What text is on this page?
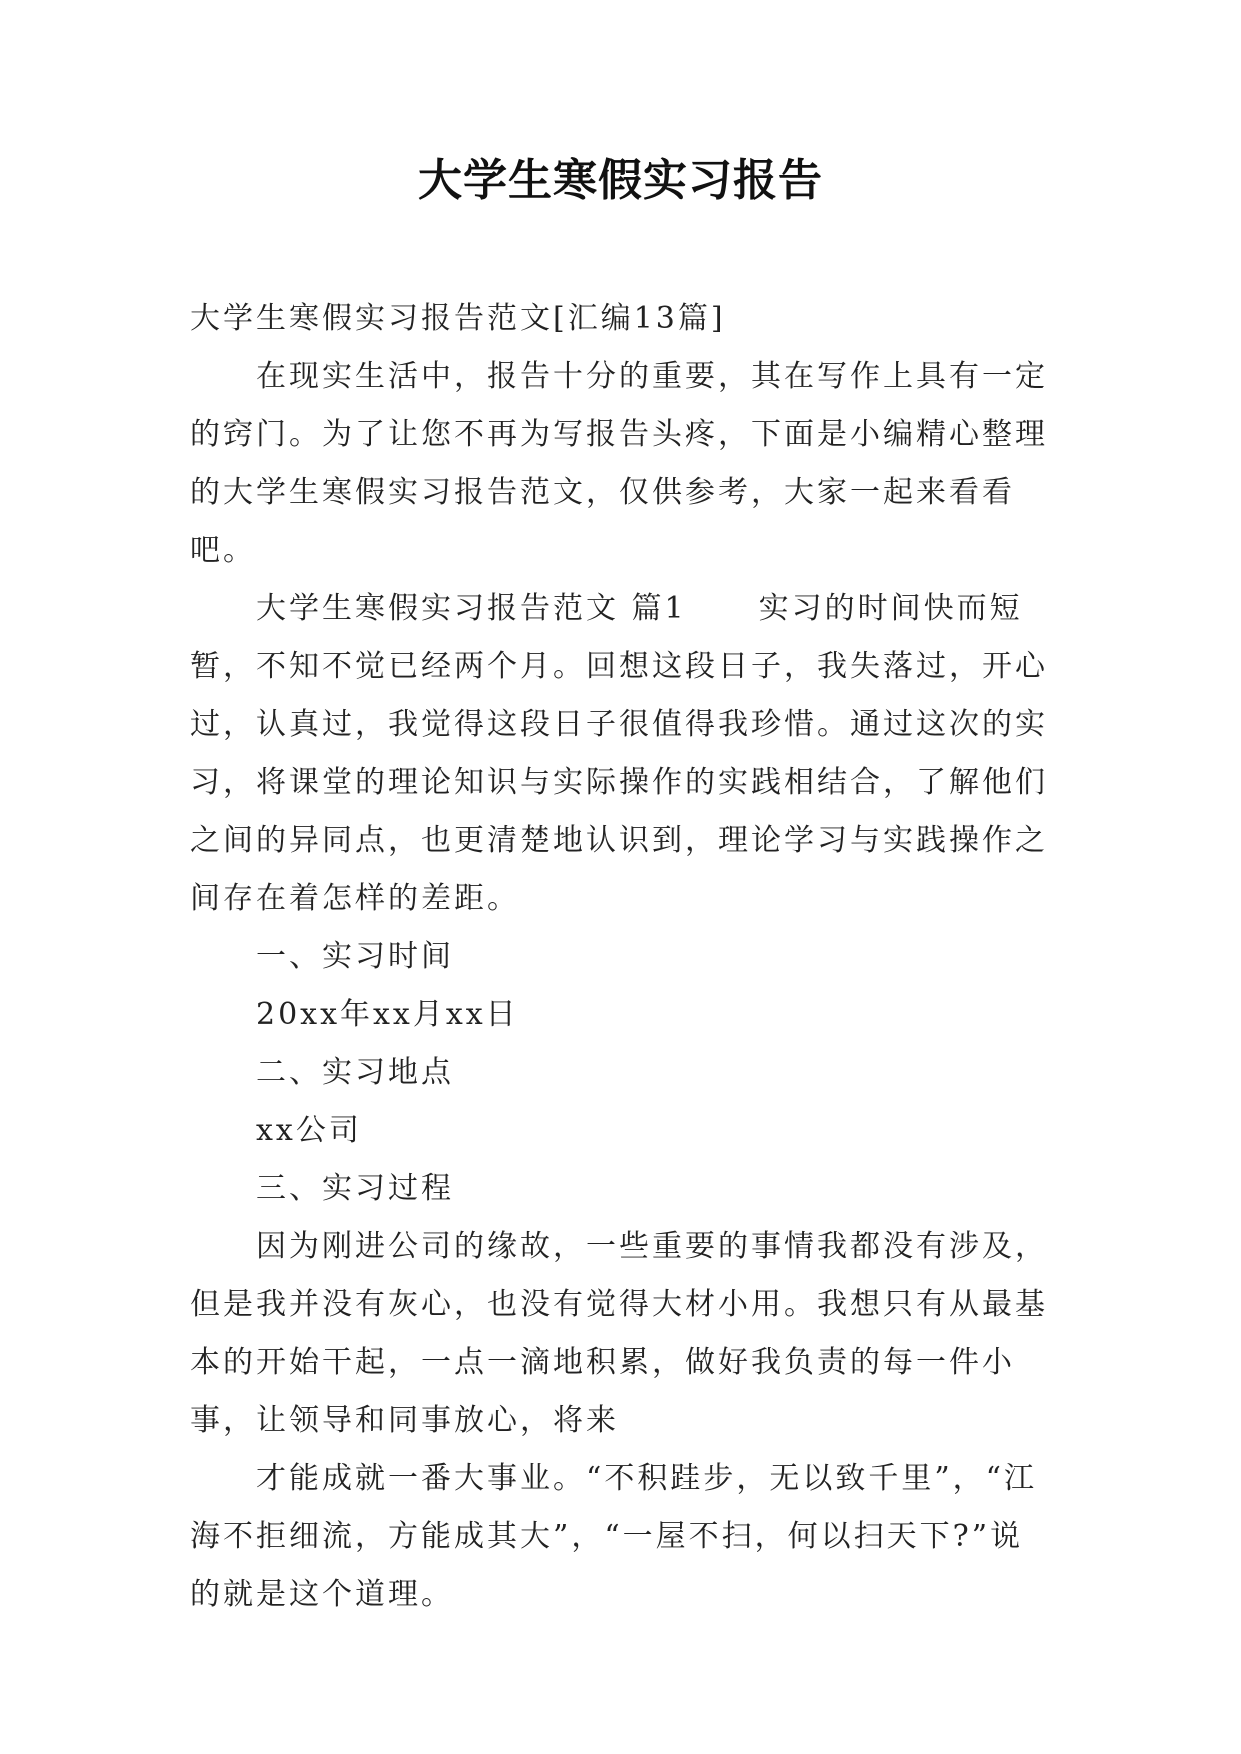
大学生寒假实习报告

大学生寒假实习报告范文[汇编13篇]

在现实生活中，报告十分的重要，其在写作上具有一定的窍门。为了让您不再为写报告头疼，下面是小编精心整理的大学生寒假实习报告范文，仅供参考，大家一起来看看吧。

大学生寒假实习报告范文 篇1 实习的时间快而短暂，不知不觉已经两个月。回想这段日子，我失落过，开心过，认真过，我觉得这段日子很值得我珍惜。通过这次的实习，将课堂的理论知识与实际操作的实践相结合，了解他们之间的异同点，也更清楚地认识到，理论学习与实践操作之间存在着怎样的差距。

一、实习时间

20xx年xx月xx日

二、实习地点

xx公司

三、实习过程

因为刚进公司的缘故，一些重要的事情我都没有涉及，但是我并没有灰心，也没有觉得大材小用。我想只有从最基本的开始干起，一点一滴地积累，做好我负责的每一件小事，让领导和同事放心，将来

才能成就一番大事业。“不积跬步，无以致千里”，“江海不拒细流，方能成其大”，“一屋不扫，何以扫天下?”说的就是这个道理。
